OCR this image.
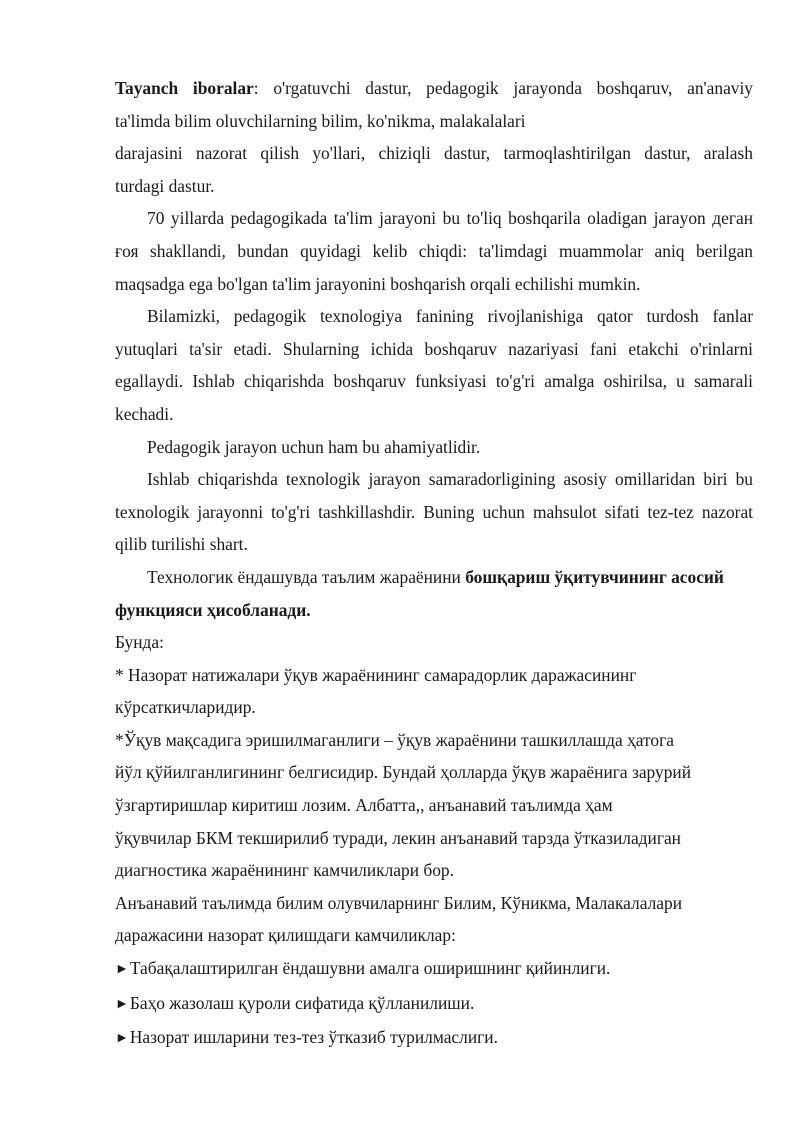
Tayanch iboralar: o'rgatuvchi dastur, pedagogik jarayonda boshqaruv, an'anaviy

ta'limda bilim oluvchilarning bilim, ko'nikma, malakalalari

darajasini nazorat qilish yo'llari, chiziqli dastur, tarmoqlashtirilgan dastur, aralash

turdagi dastur.

70 yillarda pedagogikada ta'lim jarayoni bu to'liq boshqarila oladigan jarayon деган ғоя shakllandi, bundan quyidagi kelib chiqdi: ta'limdagi muammolar aniq berilgan maqsadga ega bo'lgan ta'lim jarayonini boshqarish orqali echilishi mumkin.

Bilamizki, pedagogik texnologiya fanining rivojlanishiga qator turdosh fanlar yutuqlari ta'sir etadi. Shularning ichida boshqaruv nazariyasi fani etakchi o'rinlarni egallaydi. Ishlab chiqarishda boshqaruv funksiyasi to'g'ri amalga oshirilsa, u samarali kechadi.

Pedagogik jarayon uchun ham bu ahamiyatlidir.

Ishlab chiqarishda texnologik jarayon samaradorligining asosiy omillaridan biri bu texnologik jarayonni to'g'ri tashkillashdir. Buning uchun mahsulot sifati tez-tez nazorat qilib turilishi shart.

Технологик ёндашувда таълим жараёнини бошқариш ўқитувчининг асосий функцияси ҳисобланади.

Бунда:

* Назорат натижалари ўқув жараёнининг самарадорлик даражасининг

кўрсаткичларидир.

*Ўқув мақсадига эришилмаганлиги – ўқув жараёнини ташкиллашда ҳатога

йўл қўйилганлигининг белгисидир. Бундай ҳолларда ўқув жараёнига зарурий

ўзгартиришлар киритиш лозим. Албатта,, анъанавий таълимда ҳам

ўқувчилар БКМ текширилиб туради, лекин анъанавий тарзда ўтказиладиган

диагностика жараёнининг камчиликлари бор.

Анъанавий таълимда билим олувчиларнинг Билим, Кўникма, Малакалалари

даражасини назорат қилишдаги камчиликлар:

►Табақалаштирилган ёндашувни амалга оширишнинг қийинлиги.

►Баҳо жазолаш қуроли сифатида қўлланилиши.

►Назорат ишларини тез-тез ўтказиб турилмаслиги.
